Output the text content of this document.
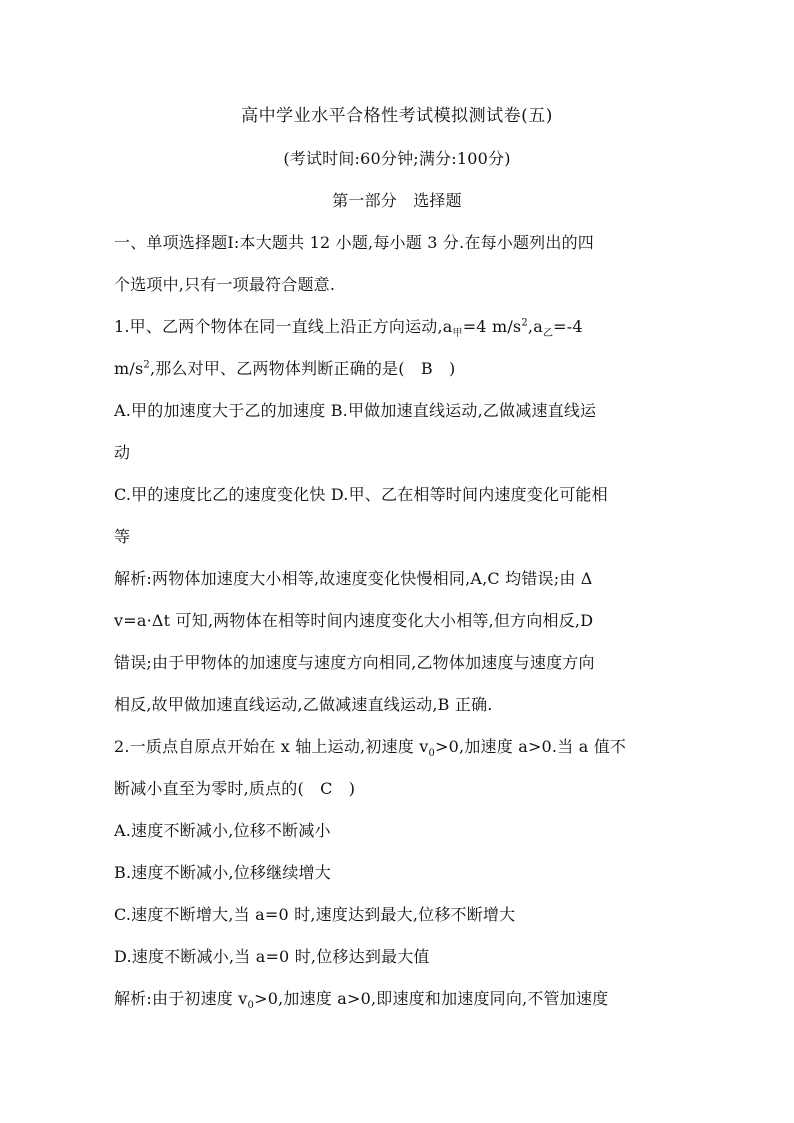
高中学业水平合格性考试模拟测试卷(五)
(考试时间:60分钟;满分:100分)
第一部分　选择题
一、单项选择题Ⅰ:本大题共 12 小题,每小题 3 分.在每小题列出的四
个选项中,只有一项最符合题意.
1.甲、乙两个物体在同一直线上沿正方向运动$,a_甲=4$ $m/s^2,a_乙=-4$
$m/s^2$,那么对甲、乙两物体判断正确的是(　B　)
A.甲的加速度大于乙的加速度 B.甲做加速直线运动,乙做减速直线运
动
C.甲的速度比乙的速度变化快 D.甲、乙在相等时间内速度变化可能相
等
解析:两物体加速度大小相等,故速度变化快慢相同,A,C 均错误;由 Δ
v=a·Δt 可知,两物体在相等时间内速度变化大小相等,但方向相反,D
错误;由于甲物体的加速度与速度方向相同,乙物体加速度与速度方向
相反,故甲做加速直线运动,乙做减速直线运动,B 正确.
2.一质点自原点开始在 x 轴上运动,初速度 $v_0>0$,加速度 a>0.当 a 值不
断减小直至为零时,质点的(　C　)
A.速度不断减小,位移不断减小
B.速度不断减小,位移继续增大
C.速度不断增大,当 a=0 时,速度达到最大,位移不断增大
D.速度不断减小,当 a=0 时,位移达到最大值
解析:由于初速度 $v_0>0$,加速度 a>0,即速度和加速度同向,不管加速度
